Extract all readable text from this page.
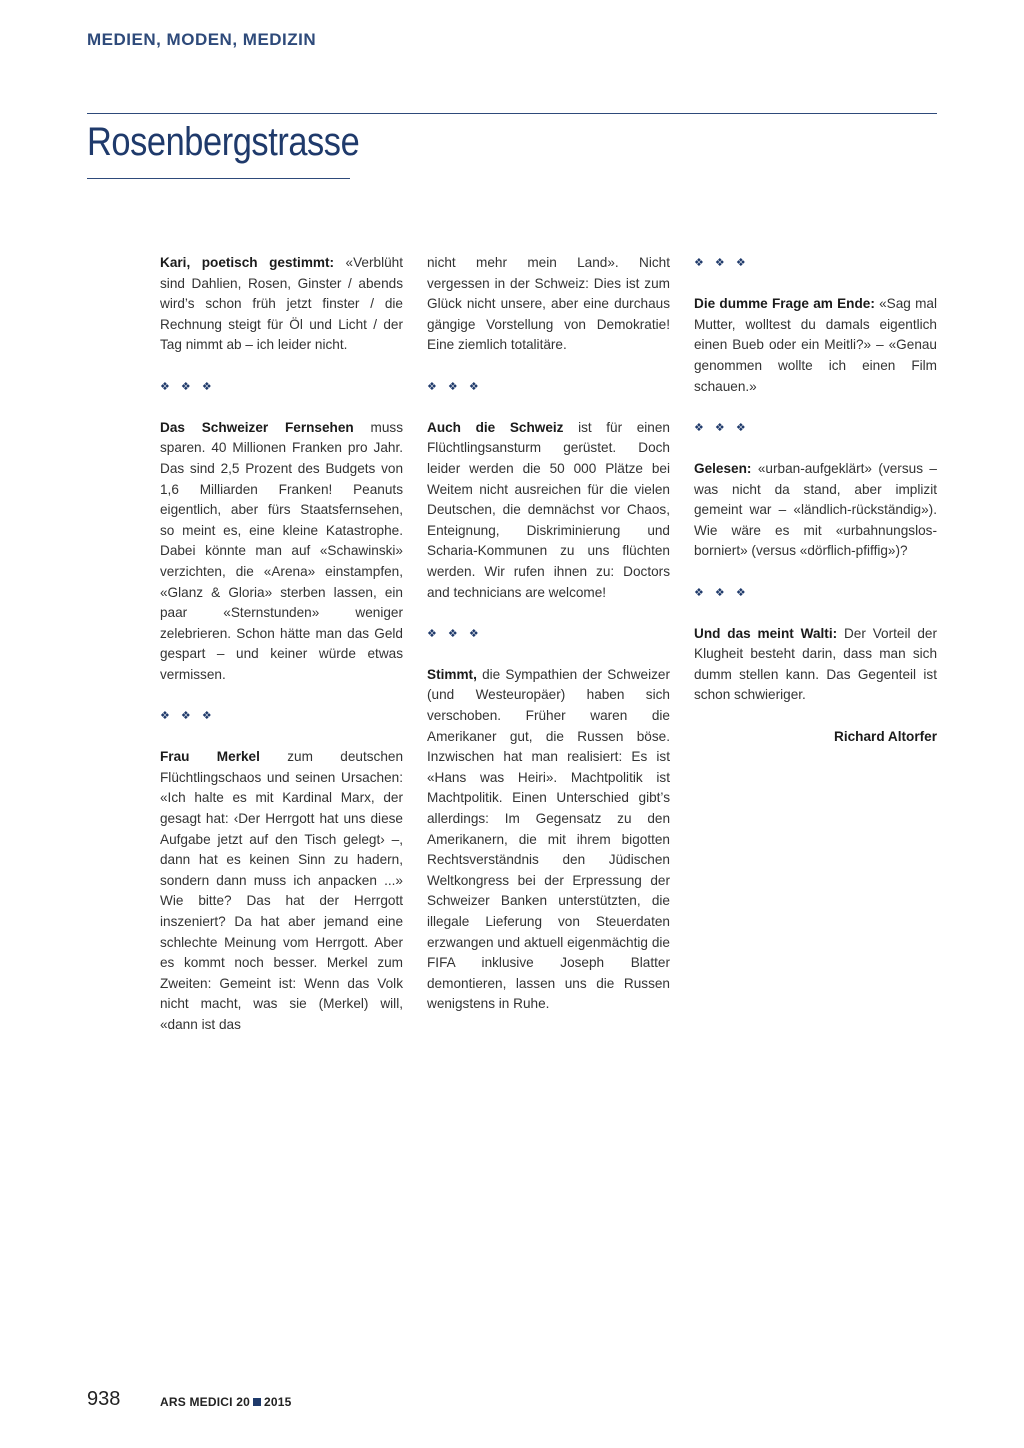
MEDIEN, MODEN, MEDIZIN
Rosenbergstrasse

Kari, poetisch gestimmt: «Verblüht sind Dahlien, Rosen, Ginster / abends wird’s schon früh jetzt finster / die Rechnung steigt für Öl und Licht / der Tag nimmt ab – ich leider nicht.

❖ ❖ ❖

Das Schweizer Fernsehen muss sparen. 40 Millionen Franken pro Jahr. Das sind 2,5 Prozent des Budgets von 1,6 Milliarden Franken! Peanuts eigentlich, aber fürs Staatsfernsehen, so meint es, eine kleine Katastrophe. Dabei könnte man auf «Schawinski» verzichten, die «Arena» einstampfen, «Glanz & Gloria» sterben lassen, ein paar «Sternstunden» weniger zelebrieren. Schon hätte man das Geld gespart – und keiner würde etwas vermissen.

❖ ❖ ❖

Frau Merkel zum deutschen Flüchtlingschaos und seinen Ursachen: «Ich halte es mit Kardinal Marx, der gesagt hat: ‹Der Herrgott hat uns diese Aufgabe jetzt auf den Tisch gelegt› –, dann hat es keinen Sinn zu hadern, sondern dann muss ich anpacken ...» Wie bitte? Das hat der Herrgott inszeniert? Da hat aber jemand eine schlechte Meinung vom Herrgott. Aber es kommt noch besser. Merkel zum Zweiten: Gemeint ist: Wenn das Volk nicht macht, was sie (Merkel) will, «dann ist das

nicht mehr mein Land». Nicht vergessen in der Schweiz: Dies ist zum Glück nicht unsere, aber eine durchaus gängige Vorstellung von Demokratie! Eine ziemlich totalitäre.

❖ ❖ ❖

Auch die Schweiz ist für einen Flüchtlingsansturm gerüstet. Doch leider werden die 50 000 Plätze bei Weitem nicht ausreichen für die vielen Deutschen, die demnächst vor Chaos, Enteignung, Diskriminierung und Scharia-Kommunen zu uns flüchten werden. Wir rufen ihnen zu: Doctors and technicians are welcome!

❖ ❖ ❖

Stimmt, die Sympathien der Schweizer (und Westeuropäer) haben sich verschoben. Früher waren die Amerikaner gut, die Russen böse. Inzwischen hat man realisiert: Es ist «Hans was Heiri». Machtpolitik ist Machtpolitik. Einen Unterschied gibt’s allerdings: Im Gegensatz zu den Amerikanern, die mit ihrem bigotten Rechtsverständnis den Jüdischen Weltkongress bei der Erpressung der Schweizer Banken unterstützten, die illegale Lieferung von Steuerdaten erzwangen und aktuell eigenmächtig die FIFA inklusive Joseph Blatter demontieren, lassen uns die Russen wenigstens in Ruhe.

❖ ❖ ❖

Die dumme Frage am Ende: «Sag mal Mutter, wolltest du damals eigentlich einen Bueb oder ein Meitli?» – «Genau genommen wollte ich einen Film schauen.»

❖ ❖ ❖

Gelesen: «urban-aufgeklärt» (versus – was nicht da stand, aber implizit gemeint war – «ländlich-rückständig»). Wie wäre es mit «urbahnungslos-borniert» (versus «dörflich-pfiffig»)?

❖ ❖ ❖

Und das meint Walti: Der Vorteil der Klugheit besteht darin, dass man sich dumm stellen kann. Das Gegenteil ist schon schwieriger.

Richard Altorfer

938	ARS MEDICI 20 2015
